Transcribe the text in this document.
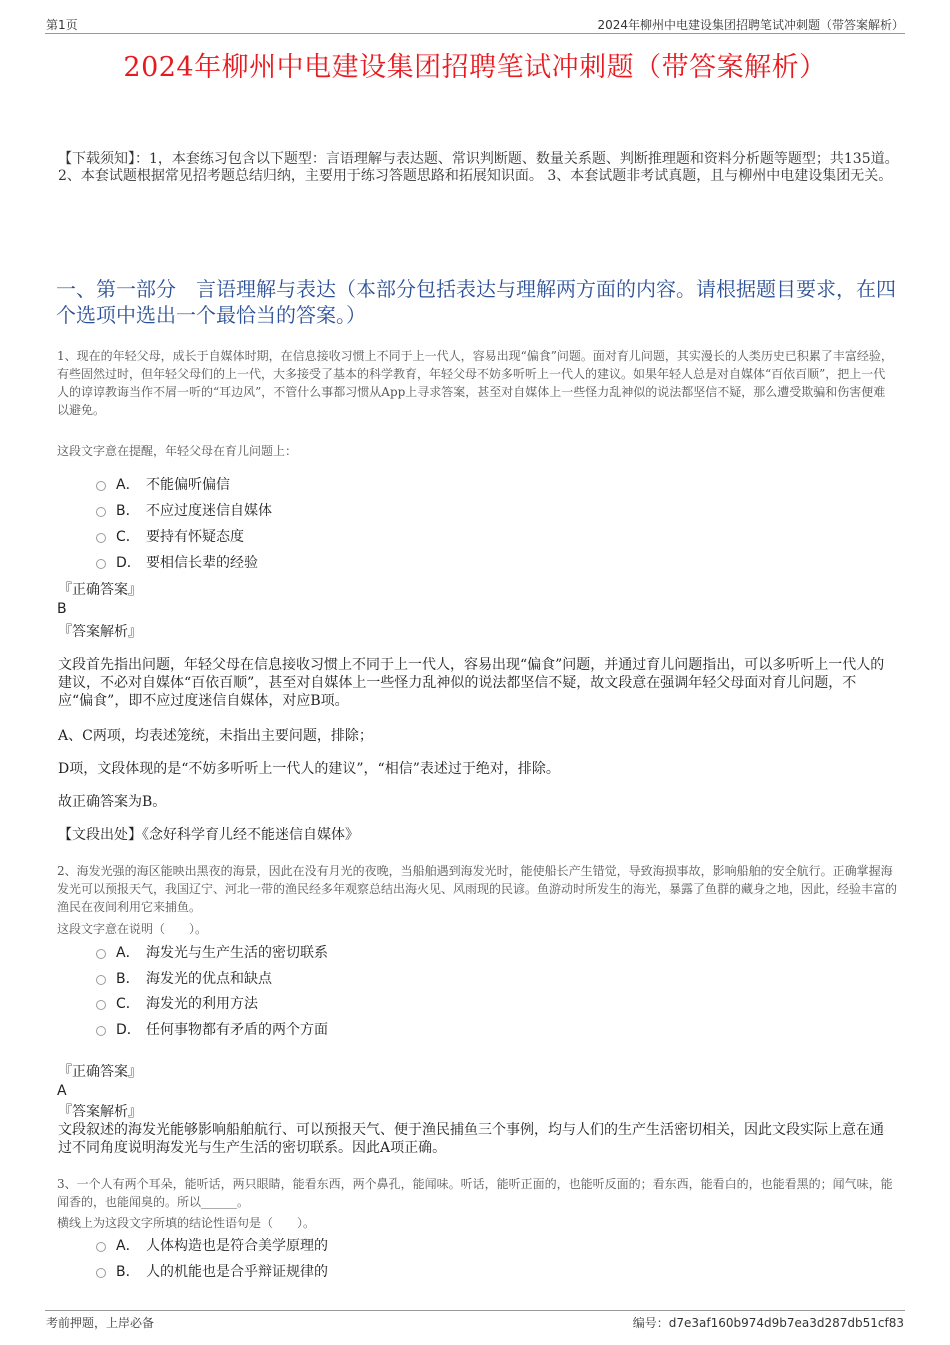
第1页	2024年柳州中电建设集团招聘笔试冲刺题（带答案解析）
2024年柳州中电建设集团招聘笔试冲刺题（带答案解析）
【下载须知】：1，本套练习包含以下题型：言语理解与表达题、常识判断题、数量关系题、判断推理题和资料分析题等题型；共135道。 2、本套试题根据常见招考题总结归纳，主要用于练习答题思路和拓展知识面。 3、本套试题非考试真题，且与柳州中电建设集团无关。
一、第一部分　言语理解与表达（本部分包括表达与理解两方面的内容。请根据题目要求，在四个选项中选出一个最恰当的答案。）
1、现在的年轻父母，成长于自媒体时期，在信息接收习惯上不同于上一代人，容易出现“偏食”问题。面对育儿问题，其实漫长的人类历史已积累了丰富经验，有些固然过时，但年轻父母们的上一代，大多接受了基本的科学教育，年轻父母不妨多听听上一代人的建议。如果年轻人总是对自媒体“百依百顺”，把上一代人的谆谆教诲当作不屑一听的“耳边风”，不管什么事都习惯从App上寻求答案，甚至对自媒体上一些怪力乱神似的说法都坚信不疑，那么遭受欺骗和伤害便难以避免。
这段文字意在提醒，年轻父母在育儿问题上：
A． 不能偏听偏信
B． 不应过度迷信自媒体
C． 要持有怀疑态度
D． 要相信长辈的经验
『正确答案』
B
『答案解析』
文段首先指出问题，年轻父母在信息接收习惯上不同于上一代人，容易出现“偏食”问题，并通过育儿问题指出，可以多听听上一代人的建议，不必对自媒体“百依百顺”，甚至对自媒体上一些怪力乱神似的说法都坚信不疑，故文段意在强调年轻父母面对育儿问题，不应“偏食”，即不应过度迷信自媒体，对应B项。
A、C两项，均表述笼统，未指出主要问题，排除；
D项，文段体现的是“不妨多听听上一代人的建议”，“相信”表述过于绝对，排除。
故正确答案为B。
【文段出处】《念好科学育儿经不能迷信自媒体》
2、海发光强的海区能映出黑夜的海景，因此在没有月光的夜晚，当船舶遇到海发光时，能使船长产生错觉，导致海损事故，影响船舶的安全航行。正确掌握海发光可以预报天气，我国辽宁、河北一带的渔民经多年观察总结出海火见、风雨现的民谚。鱼游动时所发生的海光，暴露了鱼群的藏身之地，因此，经验丰富的渔民在夜间利用它来捕鱼。
这段文字意在说明（　　）。
A． 海发光与生产生活的密切联系
B． 海发光的优点和缺点
C． 海发光的利用方法
D． 任何事物都有矛盾的两个方面
『正确答案』
A
『答案解析』
文段叙述的海发光能够影响船舶航行、可以预报天气、便于渔民捕鱼三个事例，均与人们的生产生活密切相关，因此文段实际上意在通过不同角度说明海发光与生产生活的密切联系。因此A项正确。
3、一个人有两个耳朵，能听话，两只眼睛，能看东西，两个鼻孔，能闻味。听话，能听正面的，也能听反面的；看东西，能看白的，也能看黑的；闻气味，能闻香的，也能闻臭的。所以______。
横线上为这段文字所填的结论性语句是（　　）。
A． 人体构造也是符合美学原理的
B． 人的机能也是合乎辩证规律的
考前押题，上岸必备	编号：d7e3af160b974d9b7ea3d287db51cf83
